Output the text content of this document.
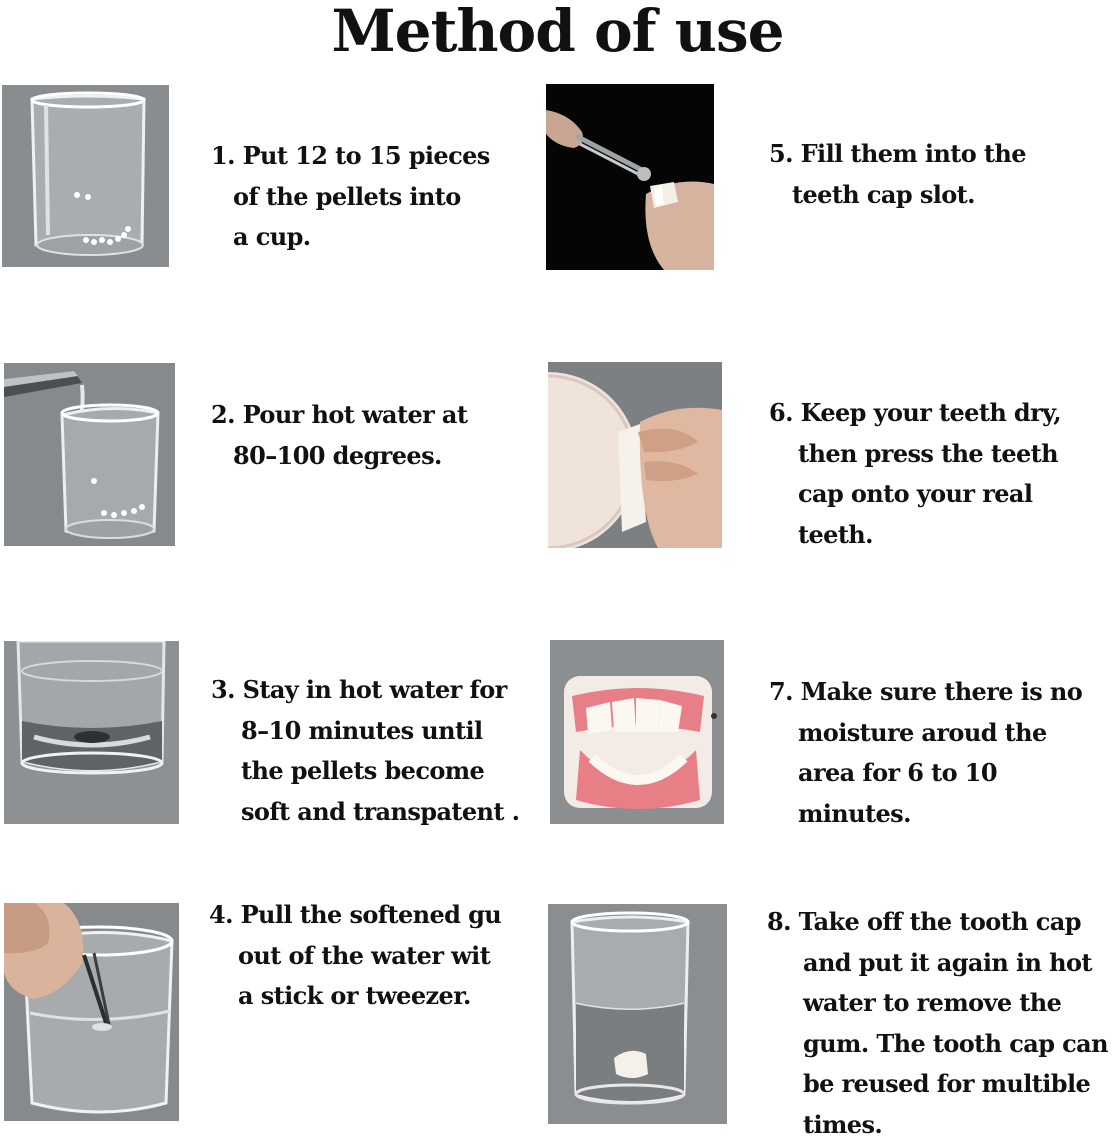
Method of use
1. Put 12 to 15 pieces
of the pellets into
a cup.
2. Pour hot water at
80–100 degrees.
3. Stay in hot water for
8–10 minutes until
the pellets become
soft and transpatent .
4. Pull the softened gu
out of the water wit
a stick or tweezer.
5. Fill them into the
teeth cap slot.
6. Keep your teeth dry,
then press the teeth
cap onto your real
teeth.
7. Make sure there is no
moisture aroud the
area for 6 to 10
minutes.
8. Take off the tooth cap
and put it again in hot
water to remove the
gum. The tooth cap can
be reused for multible
times.
